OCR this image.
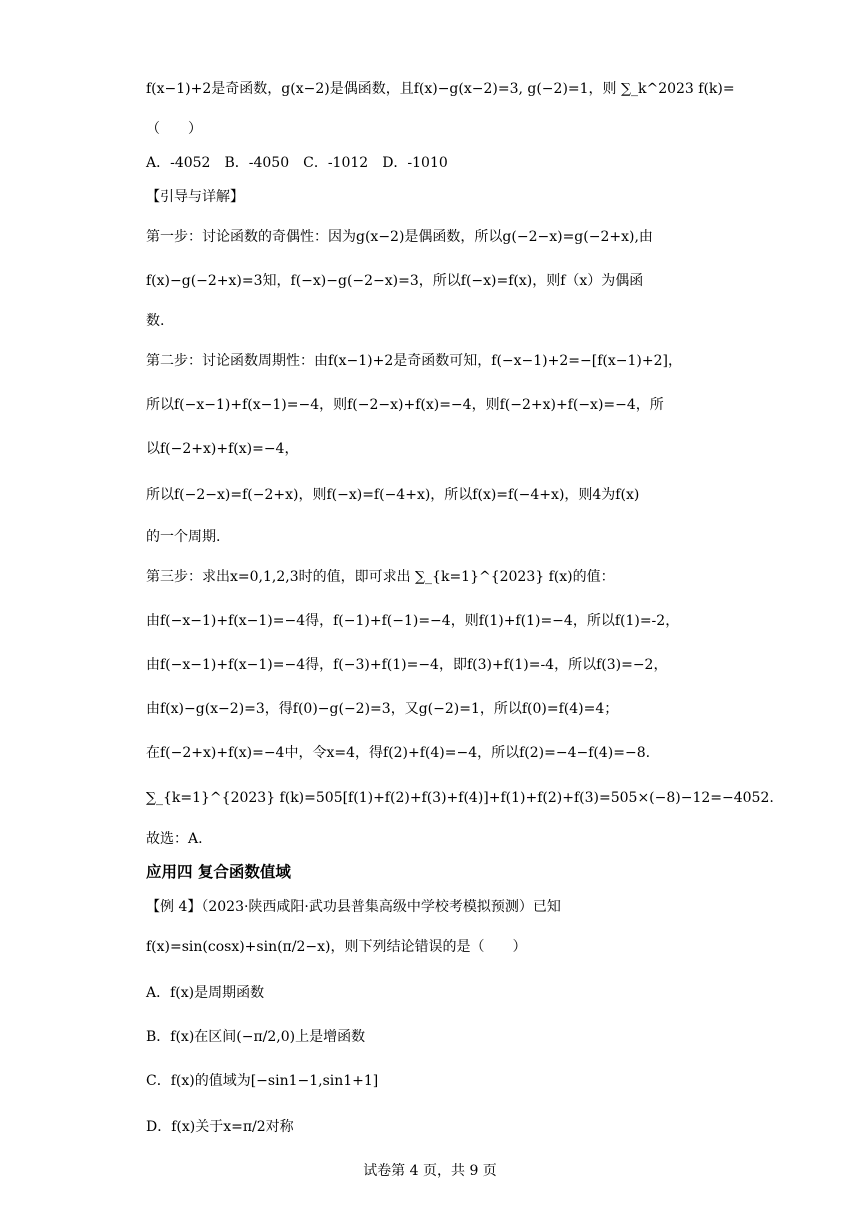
f(x−1)+2是奇函数，g(x−2)是偶函数，且f(x)−g(x−2)=3, g(−2)=1，则 ∑_k^2023 f(k)=
（　　）
A．-4052　B．-4050　C．-1012　D．-1010
【引导与详解】
第一步：讨论函数的奇偶性：因为g(x−2)是偶函数，所以g(−2−x)=g(−2+x),由
f(x)−g(−2+x)=3知，f(−x)−g(−2−x)=3，所以f(−x)=f(x)，则f（x）为偶函
数.
第二步：讨论函数周期性：由f(x−1)+2是奇函数可知，f(−x−1)+2=−[f(x−1)+2]，
所以f(−x−1)+f(x−1)=−4，则f(−2−x)+f(x)=−4，则f(−2+x)+f(−x)=−4，所
以f(−2+x)+f(x)=−4，
所以f(−2−x)=f(−2+x)，则f(−x)=f(−4+x)，所以f(x)=f(−4+x)，则4为f(x)
的一个周期.
第三步：求出x=0,1,2,3时的值，即可求出 ∑_{k=1}^{2023} f(x)的值：
由f(−x−1)+f(x−1)=−4得，f(−1)+f(−1)=−4，则f(1)+f(1)=−4，所以f(1)=-2，
由f(−x−1)+f(x−1)=−4得，f(−3)+f(1)=−4，即f(3)+f(1)=-4，所以f(3)=−2，
由f(x)−g(x−2)=3，得f(0)−g(−2)=3，又g(−2)=1，所以f(0)=f(4)=4；
在f(−2+x)+f(x)=−4中，令x=4，得f(2)+f(4)=−4，所以f(2)=−4−f(4)=−8.
∑_{k=1}^{2023} f(k)=505[f(1)+f(2)+f(3)+f(4)]+f(1)+f(2)+f(3)=505×(−8)−12=−4052.
故选：A.
应用四 复合函数值域
【例 4】（2023·陕西咸阳·武功县普集高级中学校考模拟预测）已知
f(x)=sin(cosx)+sin(π/2−x)，则下列结论错误的是（　　）
A．f(x)是周期函数
B．f(x)在区间(−π/2,0)上是增函数
C．f(x)的值域为[−sin1−1,sin1+1]
D．f(x)关于x=π/2对称
试卷第 4 页，共 9 页
